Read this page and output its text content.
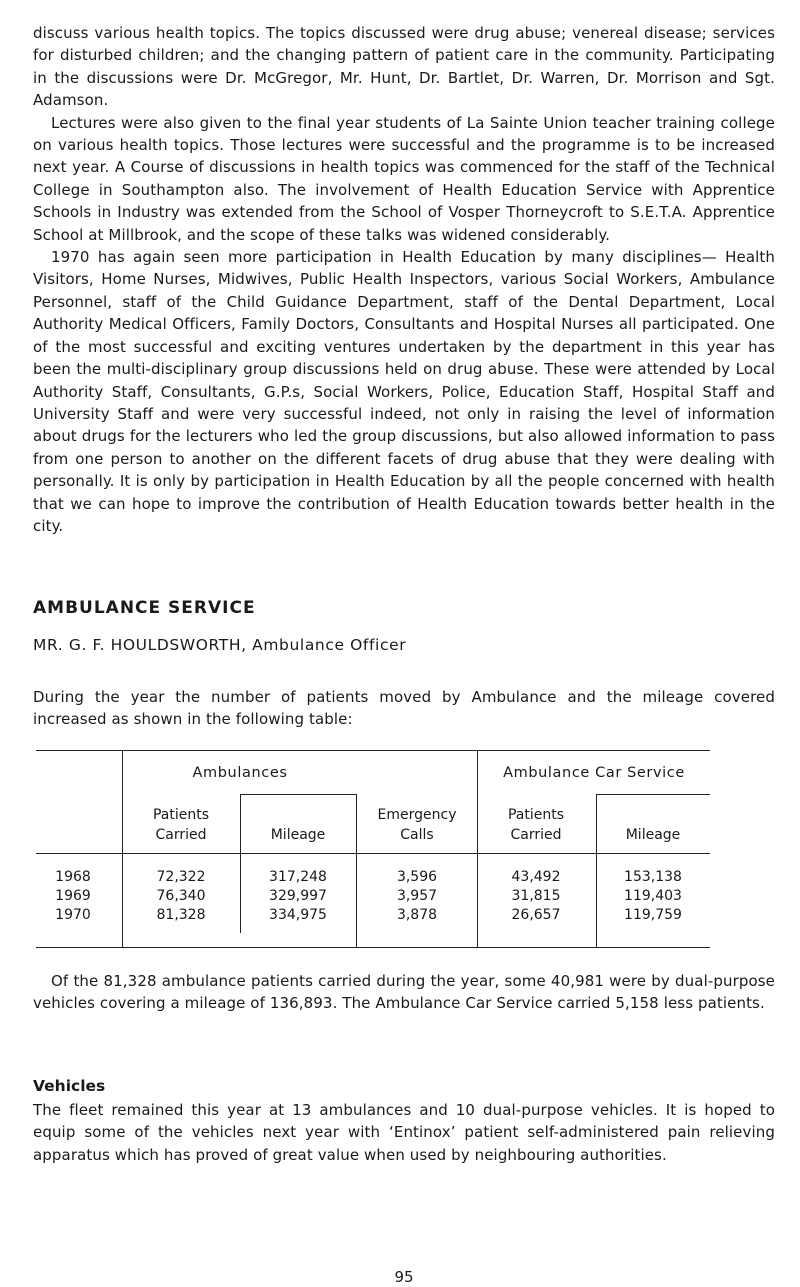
discuss various health topics. The topics discussed were drug abuse; venereal disease; services for disturbed children; and the changing pattern of patient care in the community. Participating in the discussions were Dr. McGregor, Mr. Hunt, Dr. Bartlet, Dr. Warren, Dr. Morrison and Sgt. Adamson.

Lectures were also given to the final year students of La Sainte Union teacher training college on various health topics. Those lectures were successful and the programme is to be increased next year. A Course of discussions in health topics was commenced for the staff of the Technical College in Southampton also. The involvement of Health Education Service with Apprentice Schools in Industry was extended from the School of Vosper Thorneycroft to S.E.T.A. Apprentice School at Millbrook, and the scope of these talks was widened considerably.

1970 has again seen more participation in Health Education by many disciplines— Health Visitors, Home Nurses, Midwives, Public Health Inspectors, various Social Workers, Ambulance Personnel, staff of the Child Guidance Department, staff of the Dental Department, Local Authority Medical Officers, Family Doctors, Consultants and Hospital Nurses all participated. One of the most successful and exciting ventures undertaken by the department in this year has been the multi-disciplinary group discussions held on drug abuse. These were attended by Local Authority Staff, Consultants, G.P.s, Social Workers, Police, Education Staff, Hospital Staff and University Staff and were very successful indeed, not only in raising the level of information about drugs for the lecturers who led the group discussions, but also allowed information to pass from one person to another on the different facets of drug abuse that they were dealing with personally. It is only by participation in Health Education by all the people concerned with health that we can hope to improve the contribution of Health Education towards better health in the city.

AMBULANCE SERVICE
MR. G. F. HOULDSWORTH, Ambulance Officer

During the year the number of patients moved by Ambulance and the mileage covered increased as shown in the following table:

Ambulances	Ambulance Car Service
Patients
Carried	Mileage
Emergency
Calls
Patients
Carried	Mileage
1968	72,322	317,248	3,596	43,492	153,138
1969	76,340	329,997	3,957	31,815	119,403
1970	81,328	334,975	3,878	26,657	119,759

Of the 81,328 ambulance patients carried during the year, some 40,981 were by dual-purpose vehicles covering a mileage of 136,893. The Ambulance Car Service carried 5,158 less patients.

Vehicles

The fleet remained this year at 13 ambulances and 10 dual-purpose vehicles. It is hoped to equip some of the vehicles next year with ‘Entinox’ patient self-administered pain relieving apparatus which has proved of great value when used by neighbouring authorities.

95
